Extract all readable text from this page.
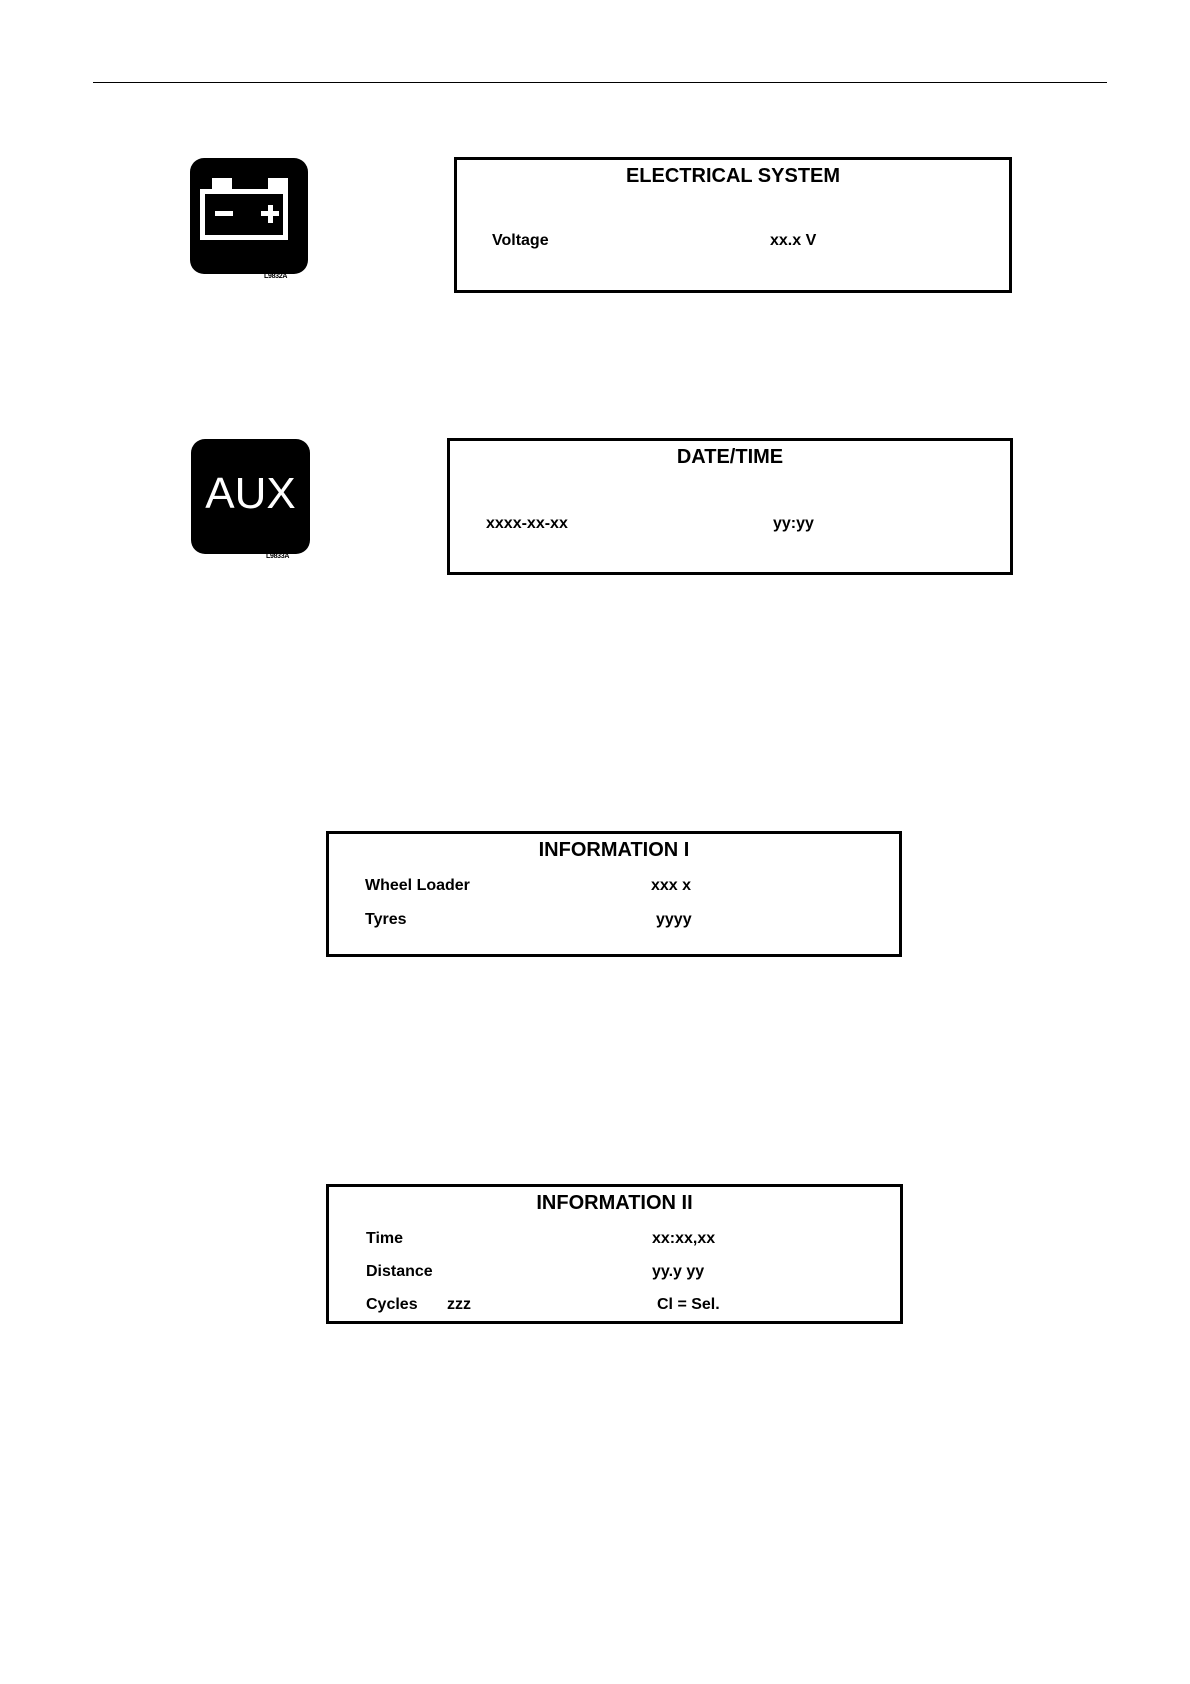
L9832A
ELECTRICAL SYSTEM
Voltage	xx.x V
AUX
L9833A
DATE/TIME
xxxx-xx-xx	yy:yy
INFORMATION I
Wheel Loader	xxx x
Tyres	yyyy
INFORMATION II
Time	xx:xx,xx
Distance	yy.y yy
Cycles zzz	Cl = Sel.
